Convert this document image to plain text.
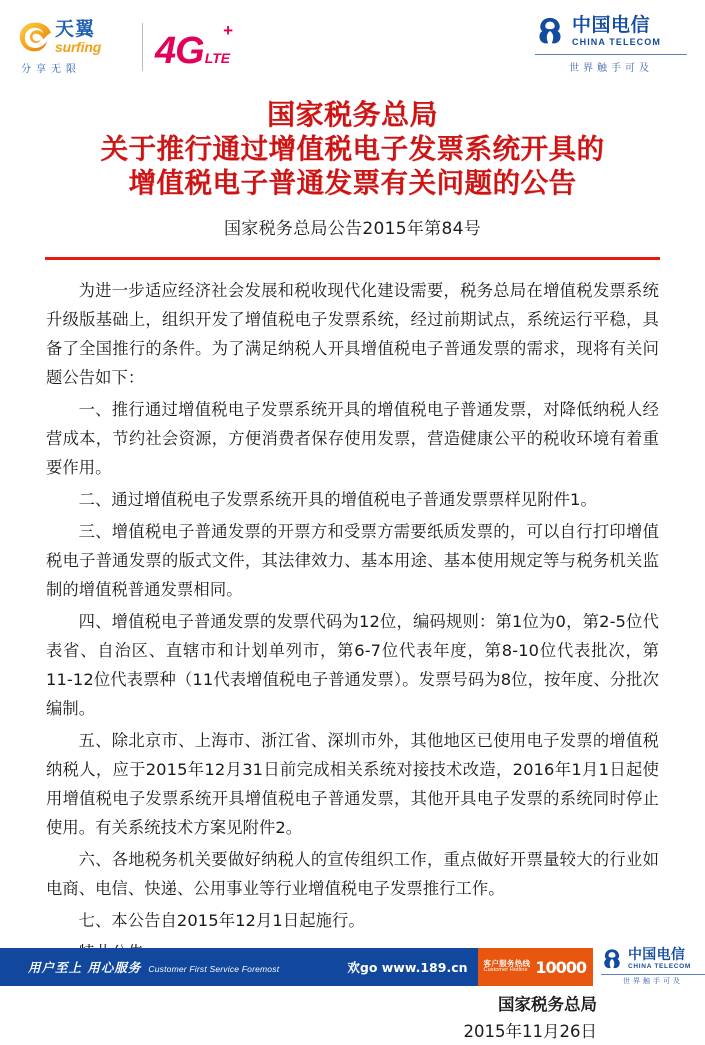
天翼
surfing
分享无限 4G +
LTE
中国电信
CHINA TELECOM
世界触手可及
国家税务总局
关于推行通过增值税电子发票系统开具的
增值税电子普通发票有关问题的公告
国家税务总局公告2015年第84号

为进一步适应经济社会发展和税收现代化建设需要，税务总局在增值税发票系统升级版基础上，组织开发了增值税电子发票系统，经过前期试点，系统运行平稳，具备了全国推行的条件。为了满足纳税人开具增值税电子普通发票的需求，现将有关问题公告如下：

一、推行通过增值税电子发票系统开具的增值税电子普通发票，对降低纳税人经营成本，节约社会资源，方便消费者保存使用发票，营造健康公平的税收环境有着重要作用。

二、通过增值税电子发票系统开具的增值税电子普通发票票样见附件1。

三、增值税电子普通发票的开票方和受票方需要纸质发票的，可以自行打印增值税电子普通发票的版式文件，其法律效力、基本用途、基本使用规定等与税务机关监制的增值税普通发票相同。

四、增值税电子普通发票的发票代码为12位，编码规则：第1位为0，第2-5位代表省、自治区、直辖市和计划单列市，第6-7位代表年度，第8-10位代表批次，第11-12位代表票种（11代表增值税电子普通发票）。发票号码为8位，按年度、分批次编制。

五、除北京市、上海市、浙江省、深圳市外，其他地区已使用电子发票的增值税纳税人，应于2015年12月31日前完成相关系统对接技术改造，2016年1月1日起使用增值税电子发票系统开具增值税电子普通发票，其他开具电子发票的系统同时停止使用。有关系统技术方案见附件2。

六、各地税务机关要做好纳税人的宣传组织工作，重点做好开票量较大的行业如电商、电信、快递、公用事业等行业增值税电子发票推行工作。

七、本公告自2015年12月1日起施行。

国家税务总局
2015年11月26日
用户至上 用心服务 Customer First Service Foremost	欢go www.189.cn	客户服务热线
Customer Hotline 10000
中国电信
CHINA TELECOM
世界触手可及
